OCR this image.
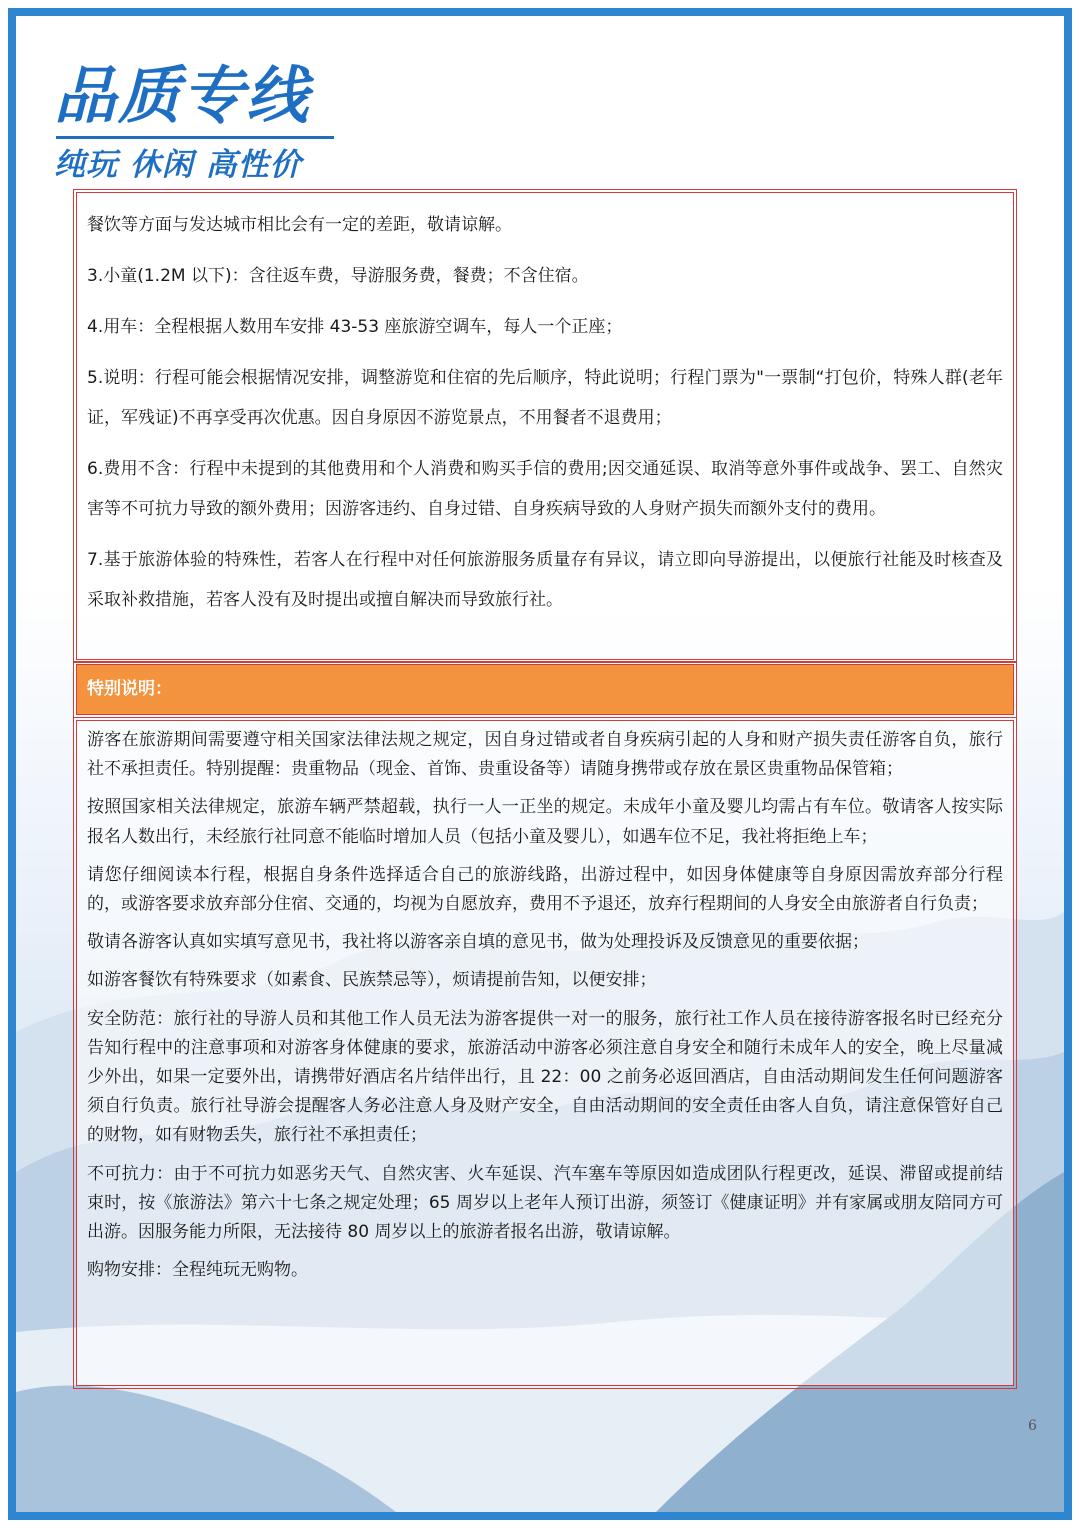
品质专线
纯玩 休闲 高性价

餐饮等方面与发达城市相比会有一定的差距，敬请谅解。

3.小童(1.2M 以下)：含往返车费，导游服务费，餐费；不含住宿。

4.用车：全程根据人数用车安排 43-53 座旅游空调车，每人一个正座；

5.说明：行程可能会根据情况安排，调整游览和住宿的先后顺序，特此说明；行程门票为"一票制“打包价，特殊人群(老年证，军残证)不再享受再次优惠。因自身原因不游览景点，不用餐者不退费用；

6.费用不含：行程中未提到的其他费用和个人消费和购买手信的费用;因交通延误、取消等意外事件或战争、罢工、自然灾害等不可抗力导致的额外费用；因游客违约、自身过错、自身疾病导致的人身财产损失而额外支付的费用。

7.基于旅游体验的特殊性，若客人在行程中对任何旅游服务质量存有异议，请立即向导游提出，以便旅行社能及时核查及采取补救措施，若客人没有及时提出或擅自解决而导致旅行社。

特别说明：

游客在旅游期间需要遵守相关国家法律法规之规定，因自身过错或者自身疾病引起的人身和财产损失责任游客自负，旅行社不承担责任。特别提醒：贵重物品（现金、首饰、贵重设备等）请随身携带或存放在景区贵重物品保管箱；

按照国家相关法律规定，旅游车辆严禁超载，执行一人一正坐的规定。未成年小童及婴儿均需占有车位。敬请客人按实际报名人数出行，未经旅行社同意不能临时增加人员（包括小童及婴儿），如遇车位不足，我社将拒绝上车；

请您仔细阅读本行程，根据自身条件选择适合自己的旅游线路，出游过程中，如因身体健康等自身原因需放弃部分行程的，或游客要求放弃部分住宿、交通的，均视为自愿放弃，费用不予退还，放弃行程期间的人身安全由旅游者自行负责；

敬请各游客认真如实填写意见书，我社将以游客亲自填的意见书，做为处理投诉及反馈意见的重要依据；

如游客餐饮有特殊要求（如素食、民族禁忌等），烦请提前告知，以便安排；

安全防范：旅行社的导游人员和其他工作人员无法为游客提供一对一的服务，旅行社工作人员在接待游客报名时已经充分告知行程中的注意事项和对游客身体健康的要求，旅游活动中游客必须注意自身安全和随行未成年人的安全，晚上尽量减少外出，如果一定要外出，请携带好酒店名片结伴出行，且 22：00 之前务必返回酒店，自由活动期间发生任何问题游客须自行负责。旅行社导游会提醒客人务必注意人身及财产安全，自由活动期间的安全责任由客人自负，请注意保管好自己的财物，如有财物丢失，旅行社不承担责任；

不可抗力：由于不可抗力如恶劣天气、自然灾害、火车延误、汽车塞车等原因如造成团队行程更改，延误、滞留或提前结束时，按《旅游法》第六十七条之规定处理；65 周岁以上老年人预订出游，须签订《健康证明》并有家属或朋友陪同方可出游。因服务能力所限，无法接待 80 周岁以上的旅游者报名出游，敬请谅解。

购物安排：全程纯玩无购物。

6
